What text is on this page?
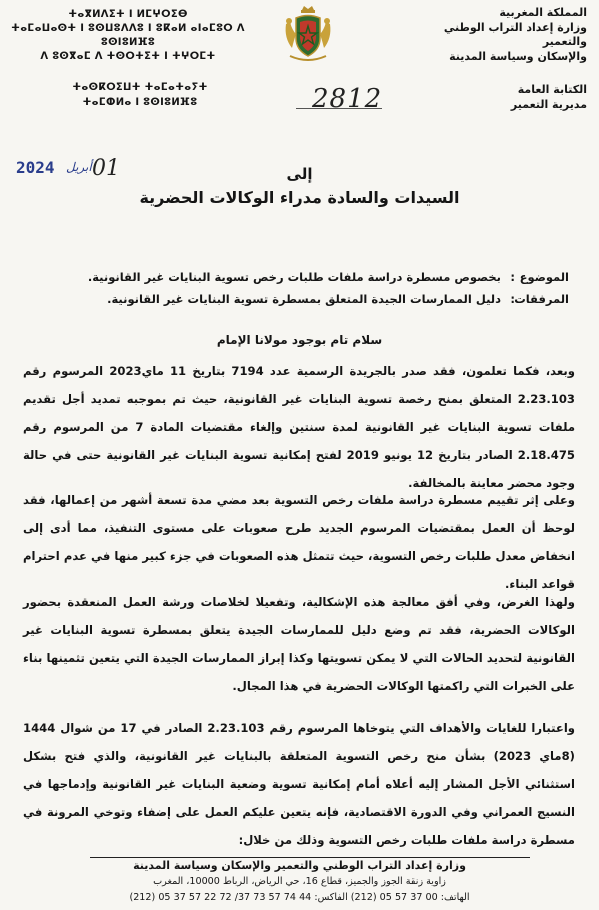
المملكة المغربية
وزارة إعداد التراب الوطني والتعمير
والإسكان وسياسة المدينة
الكتابة العامة
مديرية التعمير
ⵜⴰⴳⵍⴷⵉⵜ ⵏ ⵍⵎⵖⵔⵉⴱ
ⵜⴰⵎⴰⵡⴰⵙⵜ ⵏ ⵓⵙⵡⵓⴷⴷⵓ ⵏ ⵓⴽⴰⵍ ⴰⵏⴰⵎⵓⵔ ⴷ ⵓⵙⵏⵓⵍⴼⵓ
ⴷ ⵓⵙⴳⴰⵎ ⴷ ⵜⵙⵔⵜⵉⵜ ⵏ ⵜⵖⵔⵎⵜ
ⵜⴰⵙⴽⵔⵉⵡⵜ ⵜⴰⵎⴰⵜⴰⵢⵜ
ⵜⴰⵎⵀⵍⴰ ⵏ ⵓⵙⵏⵓⵍⴼⵓ	2812
2024 أبريل 01	إلى
السيدات والسادة مدراء الوكالات الحضرية
الموضوع:بخصوص مسطرة دراسة ملفات طلبات رخص تسوية البنايات غير القانونية.
المرفقات:دليل الممارسات الجيدة المتعلق بمسطرة تسوية البنايات غير القانونية.
سلام تام بوجود مولانا الإمام
وبعد، فكما تعلمون، فقد صدر بالجريدة الرسمية عدد 7194 بتاريخ 11 ماي2023 المرسوم رقم 2.23.103 المتعلق بمنح رخصة تسوية البنايات غير القانونية، حيث تم بموجبه تمديد أجل تقديم ملفات تسوية البنايات غير القانونية لمدة سنتين وإلغاء مقتضيات المادة 7 من المرسوم رقم 2.18.475 الصادر بتاريخ 12 يونيو 2019 لفتح إمكانية تسوية البنايات غير القانونية حتى في حالة وجود محضر معاينة بالمخالفة.
وعلى إثر تقييم مسطرة دراسة ملفات رخص التسوية بعد مضي مدة تسعة أشهر من إعمالها، فقد لوحظ أن العمل بمقتضيات المرسوم الجديد طرح صعوبات على مستوى التنفيذ، مما أدى إلى انخفاض معدل طلبات رخص التسوية، حيث تتمثل هذه الصعوبات في جزء كبير منها في عدم احترام قواعد البناء.
ولهذا الغرض، وفي أفق معالجة هذه الإشكالية، وتفعيلا لخلاصات ورشة العمل المنعقدة بحضور الوكالات الحضرية، فقد تم وضع دليل للممارسات الجيدة يتعلق بمسطرة تسوية البنايات غير القانونية لتحديد الحالات التي لا يمكن تسويتها وكذا إبراز الممارسات الجيدة التي يتعين تثمينها بناء على الخبرات التي راكمتها الوكالات الحضرية في هذا المجال.
واعتبارا للغايات والأهداف التي يتوخاها المرسوم رقم 2.23.103 الصادر في 17 من شوال 1444 (8ماي 2023) بشأن منح رخص التسوية المتعلقة بالبنايات غير القانونية، والذي فتح بشكل استثنائي الأجل المشار إليه أعلاه أمام إمكانية تسوية وضعية البنايات غير القانونية وإدماجها في النسيج العمراني وفي الدورة الاقتصادية، فإنه يتعين عليكم العمل على إضفاء وتوخي المرونة في مسطرة دراسة ملفات طلبات رخص التسوية وذلك من خلال:
وزارة إعداد التراب الوطني والتعمير والإسكان وسياسة المدينة
زاوية زنقة الجوز والجميز، قطاع 16، حي الرياض، الرباط 10000، المغرب
الهاتف: 00 37 57 05 (212) الفاكس: 44 74 57 73 37/ 72 22 57 37 05 (212)
